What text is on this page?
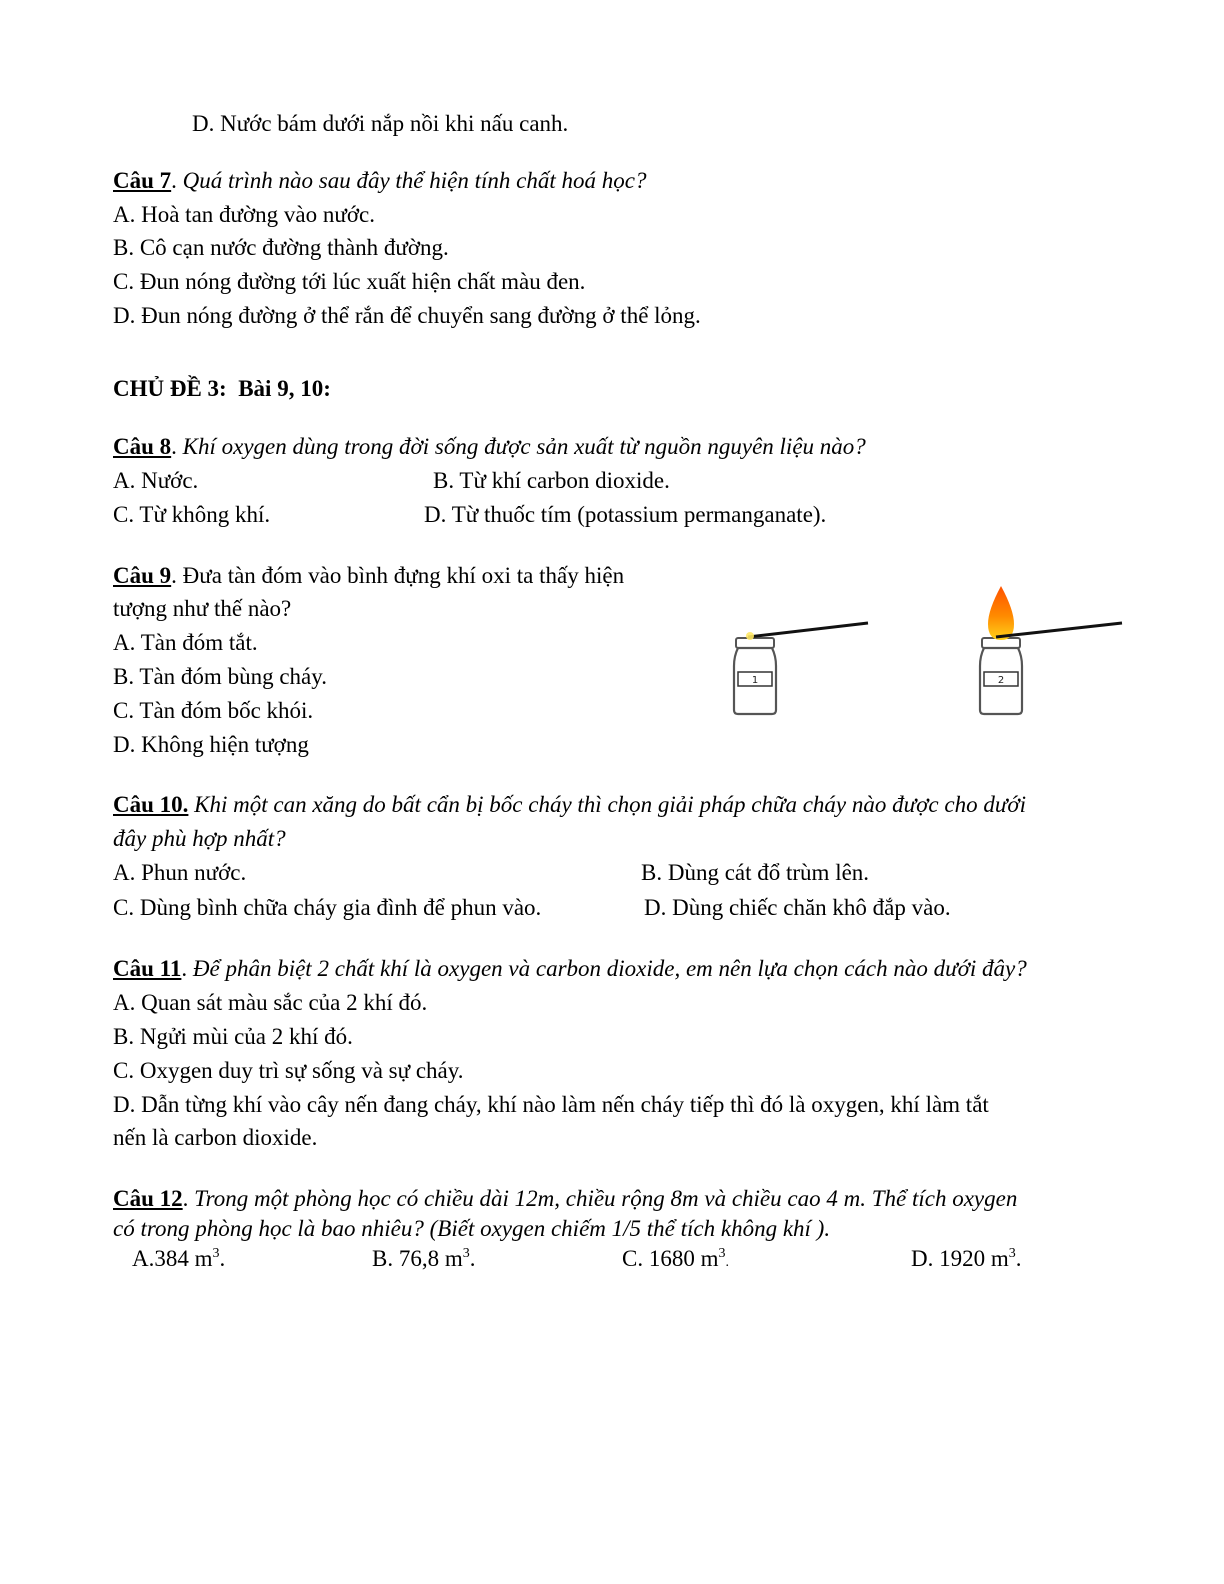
D. Nước bám dưới nắp nồi khi nấu canh.
Câu 7. Quá trình nào sau đây thể hiện tính chất hoá học?
A. Hoà tan đường vào nước.
B. Cô cạn nước đường thành đường.
C. Đun nóng đường tới lúc xuất hiện chất màu đen.
D. Đun nóng đường ở thể rắn để chuyển sang đường ở thể lỏng.
CHỦ ĐỀ 3:  Bài 9, 10:
Câu 8. Khí oxygen dùng trong đời sống được sản xuất từ nguồn nguyên liệu nào?
A. Nước.	B. Từ khí carbon dioxide.
C. Từ không khí.	D. Từ thuốc tím (potassium permanganate).
Câu 9. Đưa tàn đóm vào bình đựng khí oxi ta thấy hiện
tượng như thế nào?
A. Tàn đóm tắt.
B. Tàn đóm bùng cháy.
C. Tàn đóm bốc khói.
D. Không hiện tượng
1	2
Câu 10. Khi một can xăng do bất cẩn bị bốc cháy thì chọn giải pháp chữa cháy nào được cho dưới
đây phù hợp nhất?
A. Phun nước.	B. Dùng cát đổ trùm lên.
C. Dùng bình chữa cháy gia đình để phun vào.	D. Dùng chiếc chăn khô đắp vào.
Câu 11. Để phân biệt 2 chất khí là oxygen và carbon dioxide, em nên lựa chọn cách nào dưới đây?
A. Quan sát màu sắc của 2 khí đó.
B. Ngửi mùi của 2 khí đó.
C. Oxygen duy trì sự sống và sự cháy.
D. Dẫn từng khí vào cây nến đang cháy, khí nào làm nến cháy tiếp thì đó là oxygen, khí làm tắt
nến là carbon dioxide.
Câu 12. Trong một phòng học có chiều dài 12m, chiều rộng 8m và chiều cao 4 m. Thể tích oxygen
có trong phòng học là bao nhiêu? (Biết oxygen chiếm 1/5 thể tích không khí ).
A.384 $m^3$.	B. 76,8 $m^3$.	C. 1680 $m^3$.	D. 1920 $m^3$.
